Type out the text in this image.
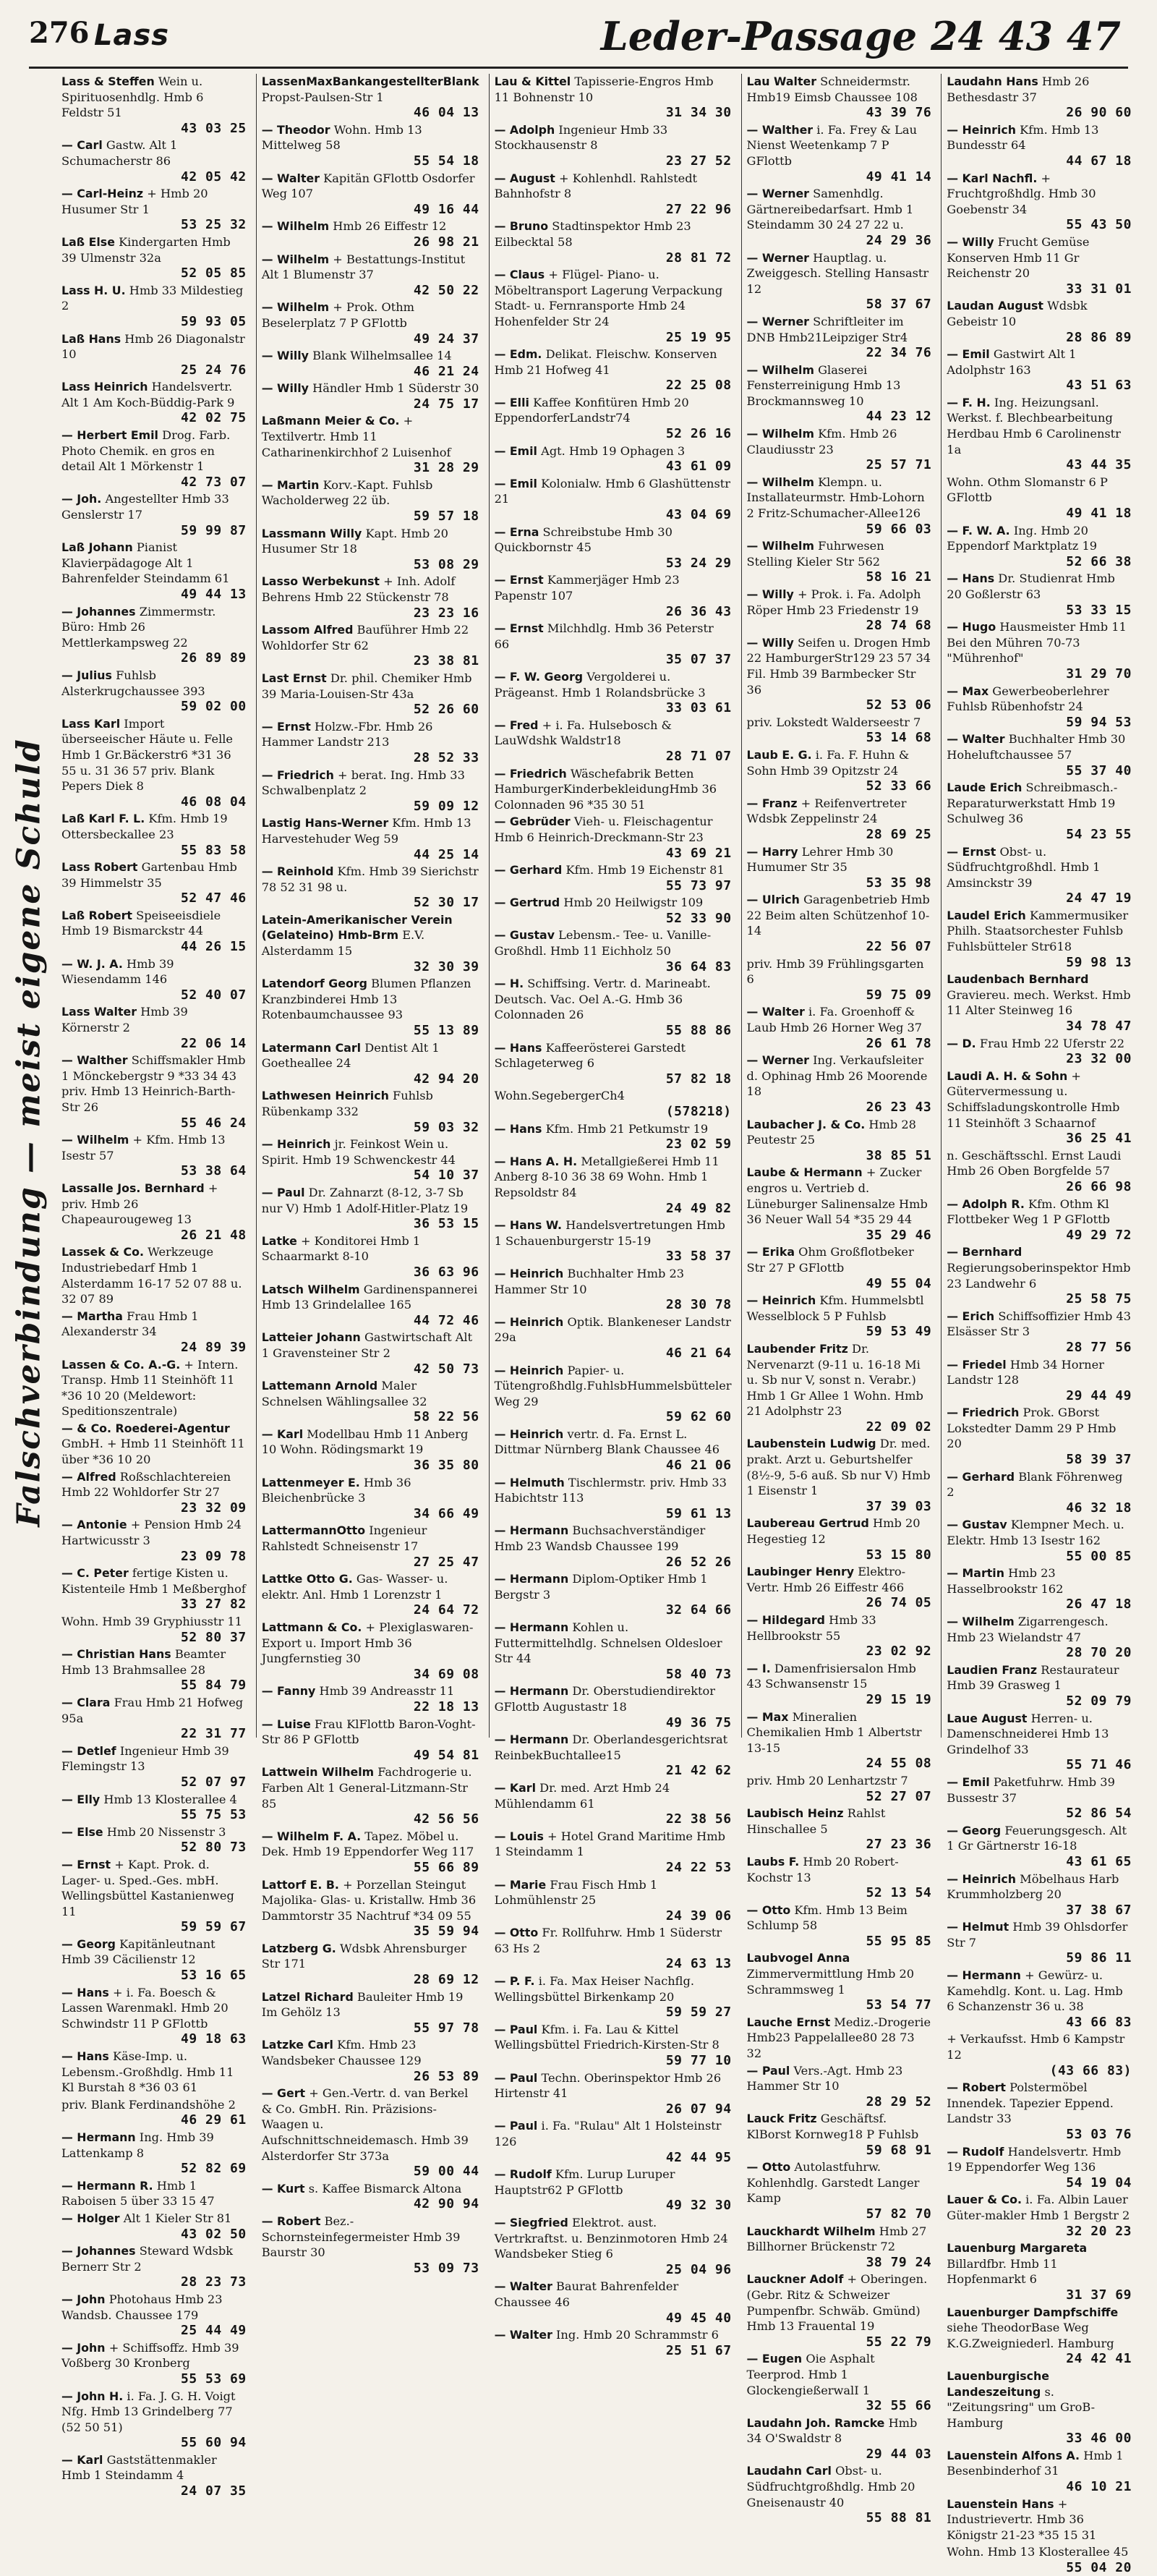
276 Lass	Leder-Passage 24 43 47
Falschverbindung — meist eigene Schuld
Lass & Steffen Wein u. Spirituosenhdlg. Hmb 6 Feldstr 51
43 03 25
— Carl Gastw. Alt 1 Schumacherstr 86
42 05 42
— Carl-Heinz + Hmb 20 Husumer Str 1
53 25 32
Laß Else Kindergarten Hmb 39 Ulmenstr 32a
52 05 85
Lass H. U. Hmb 33 Mildestieg 2
59 93 05
Laß Hans Hmb 26 Diagonalstr 10
25 24 76
Lass Heinrich Handelsvertr. Alt 1 Am Koch-Büddig-Park 9
42 02 75
— Herbert Emil Drog. Farb. Photo Chemik. en gros en detail Alt 1 Mörkenstr 1
42 73 07
— Joh. Angestellter Hmb 33 Genslerstr 17
59 99 87
Laß Johann Pianist Klavierpädagoge Alt 1 Bahrenfelder Steindamm 61
49 44 13
— Johannes Zimmermstr. Büro: Hmb 26 Mettlerkampsweg 22
26 89 89
— Julius Fuhlsb Alsterkrugchaussee 393
59 02 00
Lass Karl Import überseeischer Häute u. Felle Hmb 1 Gr.Bäckerstr6 *31 36 55 u. 31 36 57 priv. Blank Pepers Diek 8
46 08 04
Laß Karl F. L. Kfm. Hmb 19 Ottersbeckallee 23
55 83 58
Lass Robert Gartenbau Hmb 39 Himmelstr 35
52 47 46
Laß Robert Speiseeisdiele Hmb 19 Bismarckstr 44
44 26 15
— W. J. A. Hmb 39 Wiesendamm 146
52 40 07
Lass Walter Hmb 39 Körnerstr 2
22 06 14
— Walther Schiffsmakler Hmb 1 Mönckebergstr 9 *33 34 43 priv. Hmb 13 Heinrich-Barth-Str 26
55 46 24
— Wilhelm + Kfm. Hmb 13 Isestr 57
53 38 64
Lassalle Jos. Bernhard + priv. Hmb 26 Chapeaurougeweg 13
26 21 48
Lassek & Co. Werkzeuge Industriebedarf Hmb 1 Alsterdamm 16-17 52 07 88 u. 32 07 89
— Martha Frau Hmb 1 Alexanderstr 34
24 89 39
Lassen & Co. A.-G. + Intern. Transp. Hmb 11 Steinhöft 11 *36 10 20 (Meldewort: Speditionszentrale)
— & Co. Roederei-Agentur GmbH. + Hmb 11 Steinhöft 11 über *36 10 20
— Alfred Roßschlachtereien Hmb 22 Wohldorfer Str 27
23 32 09
— Antonie + Pension Hmb 24 Hartwicusstr 3
23 09 78
— C. Peter fertige Kisten u. Kistenteile Hmb 1 Meßberghof
33 27 82
Wohn. Hmb 39 Gryphiusstr 11
52 80 37
— Christian Hans Beamter Hmb 13 Brahmsallee 28
55 84 79
— Clara Frau Hmb 21 Hofweg 95a
22 31 77
— Detlef Ingenieur Hmb 39 Flemingstr 13
52 07 97
— Elly Hmb 13 Klosterallee 4
55 75 53
— Else Hmb 20 Nissenstr 3
52 80 73
— Ernst + Kapt. Prok. d. Lager- u. Sped.-Ges. mbH. Wellingsbüttel Kastanienweg 11
59 59 67
— Georg Kapitänleutnant Hmb 39 Cäcilienstr 12
53 16 65
— Hans + i. Fa. Boesch & Lassen Warenmakl. Hmb 20 Schwindstr 11 P GFlottb
49 18 63
— Hans Käse-Imp. u. Lebensm.-Großhdlg. Hmb 11 Kl Burstah 8 *36 03 61
priv. Blank Ferdinandshöhe 2
46 29 61
— Hermann Ing. Hmb 39 Lattenkamp 8
52 82 69
— Hermann R. Hmb 1 Raboisen 5 über 33 15 47
— Holger Alt 1 Kieler Str 81
43 02 50
— Johannes Steward Wdsbk Bernerr Str 2
28 23 73
— John Photohaus Hmb 23 Wandsb. Chaussee 179
25 44 49
— John + Schiffsoffz. Hmb 39 Voßberg 30 Kronberg
55 53 69
— John H. i. Fa. J. G. H. Voigt Nfg. Hmb 13 Grindelberg 77 (52 50 51)
55 60 94
— Karl Gaststättenmakler Hmb 1 Steindamm 4
24 07 35
LassenMaxBankangestellterBlank Propst-Paulsen-Str 1
46 04 13
— Theodor Wohn. Hmb 13 Mittelweg 58
55 54 18
— Walter Kapitän GFlottb Osdorfer Weg 107
49 16 44
— Wilhelm Hmb 26 Eiffestr 12
26 98 21
— Wilhelm + Bestattungs-Institut Alt 1 Blumenstr 37
42 50 22
— Wilhelm + Prok. Othm Beselerplatz 7 P GFlottb
49 24 37
— Willy Blank Wilhelmsallee 14
46 21 24
— Willy Händler Hmb 1 Süderstr 30
24 75 17
Laßmann Meier & Co. + Textilvertr. Hmb 11 Catharinenkirchhof 2 Luisenhof
31 28 29
— Martin Korv.-Kapt. Fuhlsb Wacholderweg 22 üb.
59 57 18
Lassmann Willy Kapt. Hmb 20 Husumer Str 18
53 08 29
Lasso Werbekunst + Inh. Adolf Behrens Hmb 22 Stückenstr 78
23 23 16
Lassom Alfred Bauführer Hmb 22 Wohldorfer Str 62
23 38 81
Last Ernst Dr. phil. Chemiker Hmb 39 Maria-Louisen-Str 43a
52 26 60
— Ernst Holzw.-Fbr. Hmb 26 Hammer Landstr 213
28 52 33
— Friedrich + berat. Ing. Hmb 33 Schwalbenplatz 2
59 09 12
Lastig Hans-Werner Kfm. Hmb 13 Harvestehuder Weg 59
44 25 14
— Reinhold Kfm. Hmb 39 Sierichstr 78 52 31 98 u.
52 30 17
Latein-Amerikanischer Verein (Gelateino) Hmb-Brm E.V. Alsterdamm 15
32 30 39
Latendorf Georg Blumen Pflanzen Kranzbinderei Hmb 13 Rotenbaumchaussee 93
55 13 89
Latermann Carl Dentist Alt 1 Goetheallee 24
42 94 20
Lathwesen Heinrich Fuhlsb Rübenkamp 332
59 03 32
— Heinrich jr. Feinkost Wein u. Spirit. Hmb 19 Schwenckestr 44
54 10 37
— Paul Dr. Zahnarzt (8-12, 3-7 Sb nur V) Hmb 1 Adolf-Hitler-Platz 19
36 53 15
Latke + Konditorei Hmb 1 Schaarmarkt 8-10
36 63 96
Latsch Wilhelm Gardinenspannerei Hmb 13 Grindelallee 165
44 72 46
Latteier Johann Gastwirtschaft Alt 1 Gravensteiner Str 2
42 50 73
Lattemann Arnold Maler Schnelsen Wählingsallee 32
58 22 56
— Karl Modellbau Hmb 11 Anberg 10 Wohn. Rödingsmarkt 19
36 35 80
Lattenmeyer E. Hmb 36 Bleichenbrücke 3
34 66 49
LattermannOtto Ingenieur Rahlstedt Schneisenstr 17
27 25 47
Lattke Otto G. Gas- Wasser- u. elektr. Anl. Hmb 1 Lorenzstr 1
24 64 72
Lattmann & Co. + Plexiglaswaren-Export u. Import Hmb 36 Jungfernstieg 30
34 69 08
— Fanny Hmb 39 Andreasstr 11
22 18 13
— Luise Frau KlFlottb Baron-Voght-Str 86 P GFlottb
49 54 81
Lattwein Wilhelm Fachdrogerie u. Farben Alt 1 General-Litzmann-Str 85
42 56 56
— Wilhelm F. A. Tapez. Möbel u. Dek. Hmb 19 Eppendorfer Weg 117
55 66 89
Lattorf E. B. + Porzellan Steingut Majolika- Glas- u. Kristallw. Hmb 36 Dammtorstr 35 Nachtruf *34 09 55
35 59 94
Latzberg G. Wdsbk Ahrensburger Str 171
28 69 12
Latzel Richard Bauleiter Hmb 19 Im Gehölz 13
55 97 78
Latzke Carl Kfm. Hmb 23 Wandsbeker Chaussee 129
26 53 89
— Gert + Gen.-Vertr. d. van Berkel & Co. GmbH. Rin. Präzisions-Waagen u. Aufschnittschneidemasch. Hmb 39 Alsterdorfer Str 373a
59 00 44
— Kurt s. Kaffee Bismarck Altona
42 90 94
— Robert Bez.-Schornsteinfegermeister Hmb 39 Baurstr 30
53 09 73
Lau & Kittel Tapisserie-Engros Hmb 11 Bohnenstr 10
31 34 30
— Adolph Ingenieur Hmb 33 Stockhausenstr 8
23 27 52
— August + Kohlenhdl. Rahlstedt Bahnhofstr 8
27 22 96
— Bruno Stadtinspektor Hmb 23 Eilbecktal 58
28 81 72
— Claus + Flügel- Piano- u. Möbeltransport Lagerung Verpackung Stadt- u. Fernransporte Hmb 24 Hohenfelder Str 24
25 19 95
— Edm. Delikat. Fleischw. Konserven Hmb 21 Hofweg 41
22 25 08
— Elli Kaffee Konfitüren Hmb 20 EppendorferLandstr74
52 26 16
— Emil Agt. Hmb 19 Ophagen 3
43 61 09
— Emil Kolonialw. Hmb 6 Glashüttenstr 21
43 04 69
— Erna Schreibstube Hmb 30 Quickbornstr 45
53 24 29
— Ernst Kammerjäger Hmb 23 Papenstr 107
26 36 43
— Ernst Milchhdlg. Hmb 36 Peterstr 66
35 07 37
— F. W. Georg Vergolderei u. Prägeanst. Hmb 1 Rolandsbrücke 3
33 03 61
— Fred + i. Fa. Hulsebosch & LauWdshk Waldstr18
28 71 07
— Friedrich Wäschefabrik Betten HamburgerKinderbekleidungHmb 36 Colonnaden 96 *35 30 51
— Gebrüder Vieh- u. Fleischagentur Hmb 6 Heinrich-Dreckmann-Str 23
43 69 21
— Gerhard Kfm. Hmb 19 Eichenstr 81
55 73 97
— Gertrud Hmb 20 Heilwigstr 109
52 33 90
— Gustav Lebensm.- Tee- u. Vanille-Großhdl. Hmb 11 Eichholz 50
36 64 83
— H. Schiffsing. Vertr. d. Marineabt. Deutsch. Vac. Oel A.-G. Hmb 36 Colonnaden 26
55 88 86
— Hans Kaffeerösterei Garstedt Schlageterweg 6
57 82 18
Wohn.SegebergerCh4
(578218)
— Hans Kfm. Hmb 21 Petkumstr 19
23 02 59
— Hans A. H. Metallgießerei Hmb 11 Anberg 8-10 36 38 69 Wohn. Hmb 1 Repsoldstr 84
24 49 82
— Hans W. Handelsvertretungen Hmb 1 Schauenburgerstr 15-19
33 58 37
— Heinrich Buchhalter Hmb 23 Hammer Str 10
28 30 78
— Heinrich Optik. Blankeneser Landstr 29a
46 21 64
— Heinrich Papier- u. Tütengroßhdlg.FuhlsbHummelsbütteler Weg 29
59 62 60
— Heinrich vertr. d. Fa. Ernst L. Dittmar Nürnberg Blank Chaussee 46
46 21 06
— Helmuth Tischlermstr. priv. Hmb 33 Habichtstr 113
59 61 13
— Hermann Buchsachverständiger Hmb 23 Wandsb Chaussee 199
26 52 26
— Hermann Diplom-Optiker Hmb 1 Bergstr 3
32 64 66
— Hermann Kohlen u. Futtermittelhdlg. Schnelsen Oldesloer Str 44
58 40 73
— Hermann Dr. Oberstudiendirektor GFlottb Augustastr 18
49 36 75
— Hermann Dr. Oberlandesgerichtsrat ReinbekBuchtallee15
21 42 62
— Karl Dr. med. Arzt Hmb 24 Mühlendamm 61
22 38 56
— Louis + Hotel Grand Maritime Hmb 1 Steindamm 1
24 22 53
— Marie Frau Fisch Hmb 1 Lohmühlenstr 25
24 39 06
— Otto Fr. Rollfuhrw. Hmb 1 Süderstr 63 Hs 2
24 63 13
— P. F. i. Fa. Max Heiser Nachflg. Wellingsbüttel Birkenkamp 20
59 59 27
— Paul Kfm. i. Fa. Lau & Kittel Wellingsbüttel Friedrich-Kirsten-Str 8
59 77 10
— Paul Techn. Oberinspektor Hmb 26 Hirtenstr 41
26 07 94
— Paul i. Fa. "Rulau" Alt 1 Holsteinstr 126
42 44 95
— Rudolf Kfm. Lurup Luruper Hauptstr62 P GFlottb
49 32 30
— Siegfried Elektrot. aust. Vertrkraftst. u. Benzinmotoren Hmb 24 Wandsbeker Stieg 6
25 04 96
— Walter Baurat Bahrenfelder Chaussee 46
49 45 40
— Walter Ing. Hmb 20 Schrammstr 6
25 51 67
Lau Walter Schneidermstr. Hmb19 Eimsb Chaussee 108
43 39 76
— Walther i. Fa. Frey & Lau Nienst Weetenkamp 7 P GFlottb
49 41 14
— Werner Samenhdlg. Gärtnereibedarfsart. Hmb 1 Steindamm 30 24 27 22 u.
24 29 36
— Werner Hauptlag. u. Zweiggesch. Stelling Hansastr 12
58 37 67
— Werner Schriftleiter im DNB Hmb21Leipziger Str4
22 34 76
— Wilhelm Glaserei Fensterreinigung Hmb 13 Brockmannsweg 10
44 23 12
— Wilhelm Kfm. Hmb 26 Claudiusstr 23
25 57 71
— Wilhelm Klempn. u. Installateurmstr. Hmb-Lohorn 2 Fritz-Schumacher-Allee126
59 66 03
— Wilhelm Fuhrwesen Stelling Kieler Str 562
58 16 21
— Willy + Prok. i. Fa. Adolph Röper Hmb 23 Friedenstr 19
28 74 68
— Willy Seifen u. Drogen Hmb 22 HamburgerStr129 23 57 34 Fil. Hmb 39 Barmbecker Str 36
52 53 06
priv. Lokstedt Walderseestr 7
53 14 68
Laub E. G. i. Fa. F. Huhn & Sohn Hmb 39 Opitzstr 24
52 33 66
— Franz + Reifenvertreter Wdsbk Zeppelinstr 24
28 69 25
— Harry Lehrer Hmb 30 Humumer Str 35
53 35 98
— Ulrich Garagenbetrieb Hmb 22 Beim alten Schützenhof 10-14
22 56 07
priv. Hmb 39 Frühlingsgarten 6
59 75 09
— Walter i. Fa. Groenhoff & Laub Hmb 26 Horner Weg 37
26 61 78
— Werner Ing. Verkaufsleiter d. Ophinag Hmb 26 Moorende 18
26 23 43
Laubacher J. & Co. Hmb 28 Peutestr 25
38 85 51
Laube & Hermann + Zucker engros u. Vertrieb d. Lüneburger Salinensalze Hmb 36 Neuer Wall 54 *35 29 44
35 29 46
— Erika Ohm Großflotbeker Str 27 P GFlottb
49 55 04
— Heinrich Kfm. Hummelsbtl Wesselblock 5 P Fuhlsb
59 53 49
Laubender Fritz Dr. Nervenarzt (9-11 u. 16-18 Mi u. Sb nur V, sonst n. Verabr.) Hmb 1 Gr Allee 1 Wohn. Hmb 21 Adolphstr 23
22 09 02
Laubenstein Ludwig Dr. med. prakt. Arzt u. Geburtshelfer (8½-9, 5-6 auß. Sb nur V) Hmb 1 Eisenstr 1
37 39 03
Laubereau Gertrud Hmb 20 Hegestieg 12
53 15 80
Laubinger Henry Elektro-Vertr. Hmb 26 Eiffestr 466
26 74 05
— Hildegard Hmb 33 Hellbrookstr 55
23 02 92
— I. Damenfrisiersalon Hmb 43 Schwansenstr 15
29 15 19
— Max Mineralien Chemikalien Hmb 1 Albertstr 13-15
24 55 08
priv. Hmb 20 Lenhartzstr 7
52 27 07
Laubisch Heinz Rahlst Hinschallee 5
27 23 36
Laubs F. Hmb 20 Robert-Kochstr 13
52 13 54
— Otto Kfm. Hmb 13 Beim Schlump 58
55 95 85
Laubvogel Anna Zimmervermittlung Hmb 20 Schrammsweg 1
53 54 77
Lauche Ernst Mediz.-Drogerie Hmb23 Pappelallee80 28 73 32
— Paul Vers.-Agt. Hmb 23 Hammer Str 10
28 29 52
Lauck Fritz Geschäftsf. KlBorst Kornweg18 P Fuhlsb
59 68 91
— Otto Autolastfuhrw. Kohlenhdlg. Garstedt Langer Kamp
57 82 70
Lauckhardt Wilhelm Hmb 27 Billhorner Brückenstr 72
38 79 24
Lauckner Adolf + Oberingen. (Gebr. Ritz & Schweizer Pumpenfbr. Schwäb. Gmünd) Hmb 13 Frauental 19
55 22 79
— Eugen Oie Asphalt Teerprod. Hmb 1 GlockengießerwalI 1
32 55 66
Laudahn Joh. Ramcke Hmb 34 O'Swaldstr 8
29 44 03
Laudahn Carl Obst- u. Südfruchtgroßhdlg. Hmb 20 Gneisenaustr 40
55 88 81
Laudahn Hans Hmb 26 Bethesdastr 37
26 90 60
— Heinrich Kfm. Hmb 13 Bundesstr 64
44 67 18
— Karl Nachfl. + Fruchtgroßhdlg. Hmb 30 Goebenstr 34
55 43 50
— Willy Frucht Gemüse Konserven Hmb 11 Gr Reichenstr 20
33 31 01
Laudan August Wdsbk Gebeistr 10
28 86 89
— Emil Gastwirt Alt 1 Adolphstr 163
43 51 63
— F. H. Ing. Heizungsanl. Werkst. f. Blechbearbeitung Herdbau Hmb 6 Carolinenstr 1a
43 44 35
Wohn. Othm Slomanstr 6 P GFlottb
49 41 18
— F. W. A. Ing. Hmb 20 Eppendorf Marktplatz 19
52 66 38
— Hans Dr. Studienrat Hmb 20 Goßlerstr 63
53 33 15
— Hugo Hausmeister Hmb 11 Bei den Mühren 70-73 "Mührenhof"
31 29 70
— Max Gewerbeoberlehrer Fuhlsb Rübenhofstr 24
59 94 53
— Walter Buchhalter Hmb 30 Hoheluftchaussee 57
55 37 40
Laude Erich Schreibmasch.-Reparaturwerkstatt Hmb 19 Schulweg 36
54 23 55
— Ernst Obst- u. Südfruchtgroßhdl. Hmb 1 Amsinckstr 39
24 47 19
Laudel Erich Kammermusiker Philh. Staatsorchester Fuhlsb Fuhlsbütteler Str618
59 98 13
Laudenbach Bernhard Graviereu. mech. Werkst. Hmb 11 Alter Steinweg 16
34 78 47
— D. Frau Hmb 22 Uferstr 22
23 32 00
Laudi A. H. & Sohn + Gütervermessung u. Schiffsladungskontrolle Hmb 11 Steinhöft 3 Schaarnof
36 25 41
n. Geschäftsschl. Ernst Laudi Hmb 26 Oben Borgfelde 57
26 66 98
— Adolph R. Kfm. Othm Kl Flottbeker Weg 1 P GFlottb
49 29 72
— Bernhard Regierungsoberinspektor Hmb 23 Landwehr 6
25 58 75
— Erich Schiffsoffizier Hmb 43 Elsässer Str 3
28 77 56
— Friedel Hmb 34 Horner Landstr 128
29 44 49
— Friedrich Prok. GBorst Lokstedter Damm 29 P Hmb 20
58 39 37
— Gerhard Blank Föhrenweg 2
46 32 18
— Gustav Klempner Mech. u. Elektr. Hmb 13 Isestr 162
55 00 85
— Martin Hmb 23 Hasselbrookstr 162
26 47 18
— Wilhelm Zigarrengesch. Hmb 23 Wielandstr 47
28 70 20
Laudien Franz Restaurateur Hmb 39 Grasweg 1
52 09 79
Laue August Herren- u. Damenschneiderei Hmb 13 Grindelhof 33
55 71 46
— Emil Paketfuhrw. Hmb 39 Bussestr 37
52 86 54
— Georg Feuerungsgesch. Alt 1 Gr Gärtnerstr 16-18
43 61 65
— Heinrich Möbelhaus Harb Krummholzberg 20
37 38 67
— Helmut Hmb 39 Ohlsdorfer Str 7
59 86 11
— Hermann + Gewürz- u. Kamehdlg. Kont. u. Lag. Hmb 6 Schanzenstr 36 u. 38
43 66 83
+ Verkaufsst. Hmb 6 Kampstr 12
(43 66 83)
— Robert Polstermöbel Innendek. Tapezier Eppend. Landstr 33
53 03 76
— Rudolf Handelsvertr. Hmb 19 Eppendorfer Weg 136
54 19 04
Lauer & Co. i. Fa. Albin Lauer Güter-makler Hmb 1 Bergstr 2
32 20 23
Lauenburg Margareta Billardfbr. Hmb 11 Hopfenmarkt 6
31 37 69
Lauenburger Dampfschiffe siehe TheodorBase Weg K.G.Zweigniederl. Hamburg
24 42 41
Lauenburgische Landeszeitung s. "Zeitungsring" um GroB-Hamburg
33 46 00
Lauenstein Alfons A. Hmb 1 Besenbinderhof 31
46 10 21
Lauenstein Hans + Industrievertr. Hmb 36 Königstr 21-23 *35 15 31
Wohn. Hmb 13 Klosterallee 45
55 04 20
